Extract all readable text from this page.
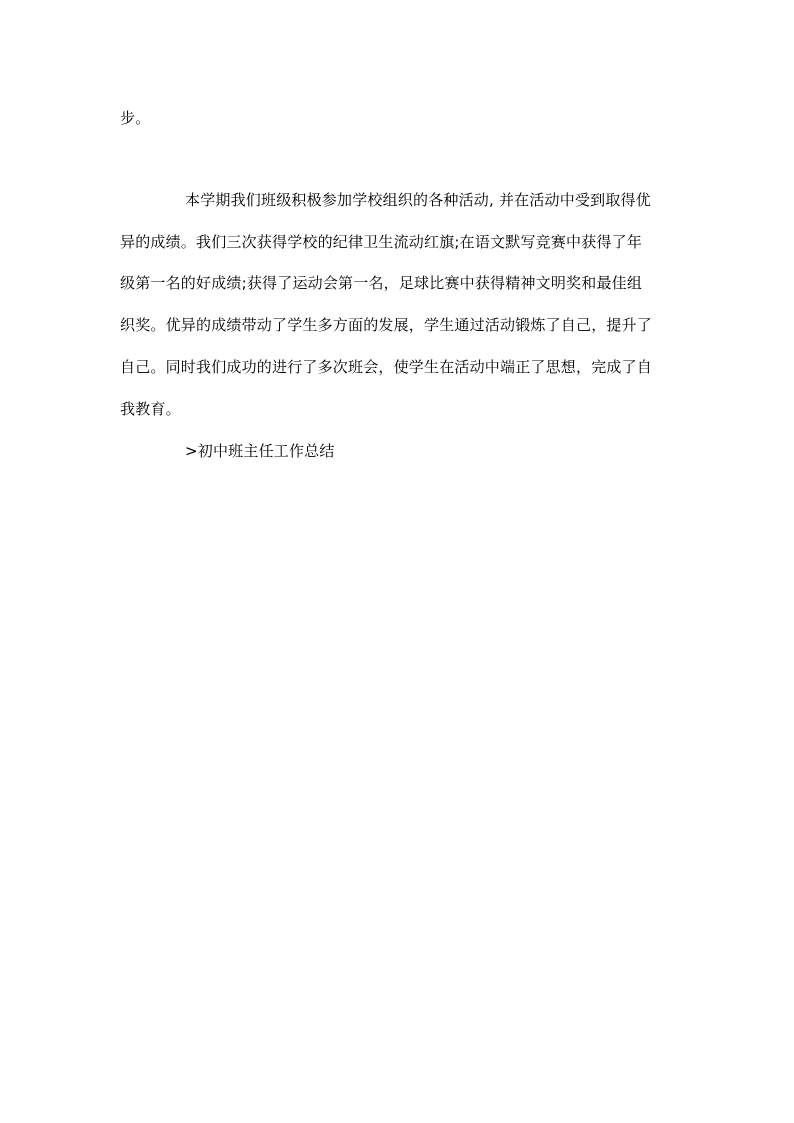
步。
本学期我们班级积极参加学校组织的各种活动, 并在活动中受到取得优
异的成绩。我们三次获得学校的纪律卫生流动红旗;在语文默写竞赛中获得了年
级第一名的好成绩;获得了运动会第一名，足球比赛中获得精神文明奖和最佳组
织奖。优异的成绩带动了学生多方面的发展，学生通过活动锻炼了自己，提升了
自己。同时我们成功的进行了多次班会，使学生在活动中端正了思想，完成了自
我教育。
>初中班主任工作总结
